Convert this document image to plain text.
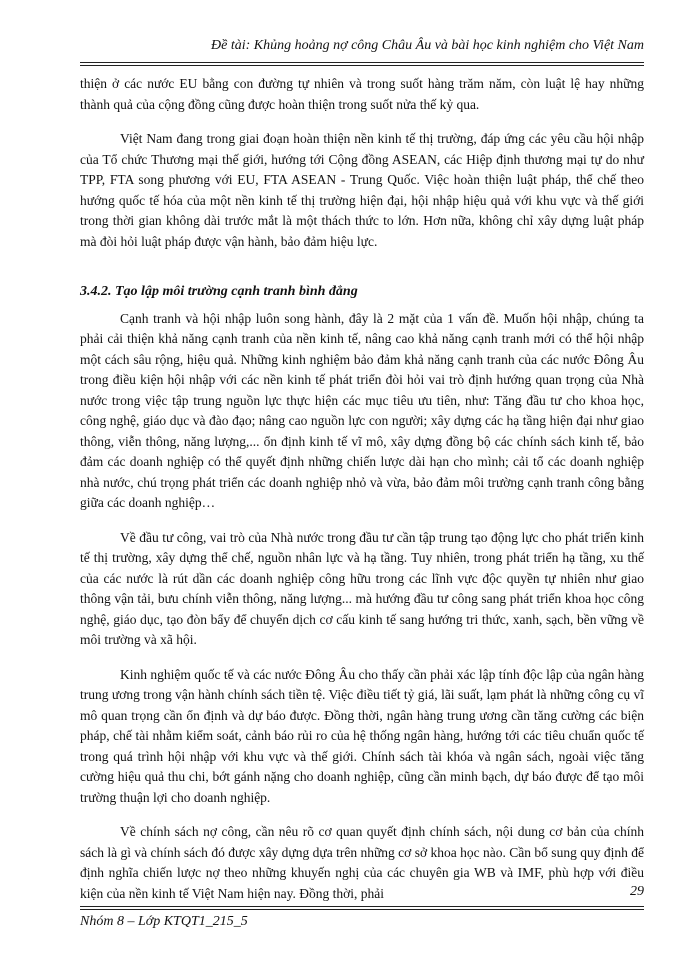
Đề tài: Khủng hoảng nợ công Châu Âu và bài học kinh nghiệm cho Việt Nam

thiện ở các nước EU bằng con đường tự nhiên và trong suốt hàng trăm năm, còn luật lệ hay những thành quả của cộng đồng cũng được hoàn thiện trong suốt nửa thế kỷ qua.

Việt Nam đang trong giai đoạn hoàn thiện nền kinh tế thị trường, đáp ứng các yêu cầu hội nhập của Tổ chức Thương mại thế giới, hướng tới Cộng đồng ASEAN, các Hiệp định thương mại tự do như TPP, FTA song phương với EU, FTA ASEAN - Trung Quốc. Việc hoàn thiện luật pháp, thể chế theo hướng quốc tế hóa của một nền kinh tế thị trường hiện đại, hội nhập hiệu quả với khu vực và thế giới trong thời gian không dài trước mắt là một thách thức to lớn. Hơn nữa, không chỉ xây dựng luật pháp mà đòi hỏi luật pháp được vận hành, bảo đảm hiệu lực.

3.4.2. Tạo lập môi trường cạnh tranh bình đẳng

Cạnh tranh và hội nhập luôn song hành, đây là 2 mặt của 1 vấn đề. Muốn hội nhập, chúng ta phải cải thiện khả năng cạnh tranh của nền kinh tế, nâng cao khả năng cạnh tranh mới có thể hội nhập một cách sâu rộng, hiệu quả. Những kinh nghiệm bảo đảm khả năng cạnh tranh của các nước Đông Âu trong điều kiện hội nhập với các nền kinh tế phát triển đòi hỏi vai trò định hướng quan trọng của Nhà nước trong việc tập trung nguồn lực thực hiện các mục tiêu ưu tiên, như: Tăng đầu tư cho khoa học, công nghệ, giáo dục và đào đạo; nâng cao nguồn lực con người; xây dựng các hạ tầng hiện đại như giao thông, viễn thông, năng lượng,... ổn định kinh tế vĩ mô, xây dựng đồng bộ các chính sách kinh tế, bảo đảm các doanh nghiệp có thể quyết định những chiến lược dài hạn cho mình; cải tổ các doanh nghiệp nhà nước, chú trọng phát triển các doanh nghiệp nhỏ và vừa, bảo đảm môi trường cạnh tranh công bằng giữa các doanh nghiệp…

Về đầu tư công, vai trò của Nhà nước trong đầu tư cần tập trung tạo động lực cho phát triển kinh tế thị trường, xây dựng thể chế, nguồn nhân lực và hạ tầng. Tuy nhiên, trong phát triển hạ tầng, xu thế của các nước là rút dần các doanh nghiệp công hữu trong các lĩnh vực độc quyền tự nhiên như giao thông vận tải, bưu chính viễn thông, năng lượng... mà hướng đầu tư công sang phát triển khoa học công nghệ, giáo dục, tạo đòn bẩy để chuyển dịch cơ cấu kinh tế sang hướng tri thức, xanh, sạch, bền vững về môi trường và xã hội.

Kinh nghiệm quốc tế và các nước Đông Âu cho thấy cần phải xác lập tính độc lập của ngân hàng trung ương trong vận hành chính sách tiền tệ. Việc điều tiết tỷ giá, lãi suất, lạm phát là những công cụ vĩ mô quan trọng cần ổn định và dự báo được. Đồng thời, ngân hàng trung ương cần tăng cường các biện pháp, chế tài nhằm kiểm soát, cảnh báo rủi ro của hệ thống ngân hàng, hướng tới các tiêu chuẩn quốc tế trong quá trình hội nhập với khu vực và thế giới. Chính sách tài khóa và ngân sách, ngoài việc tăng cường hiệu quả thu chi, bớt gánh nặng cho doanh nghiệp, cũng cần minh bạch, dự báo được để tạo môi trường thuận lợi cho doanh nghiệp.

Về chính sách nợ công, cần nêu rõ cơ quan quyết định chính sách, nội dung cơ bản của chính sách là gì và chính sách đó được xây dựng dựa trên những cơ sở khoa học nào. Cần bổ sung quy định để định nghĩa chiến lược nợ theo những khuyến nghị của các chuyên gia WB và IMF, phù hợp với điều kiện của nền kinh tế Việt Nam hiện nay. Đồng thời, phải	29
Nhóm 8 – Lớp KTQT1_215_5
